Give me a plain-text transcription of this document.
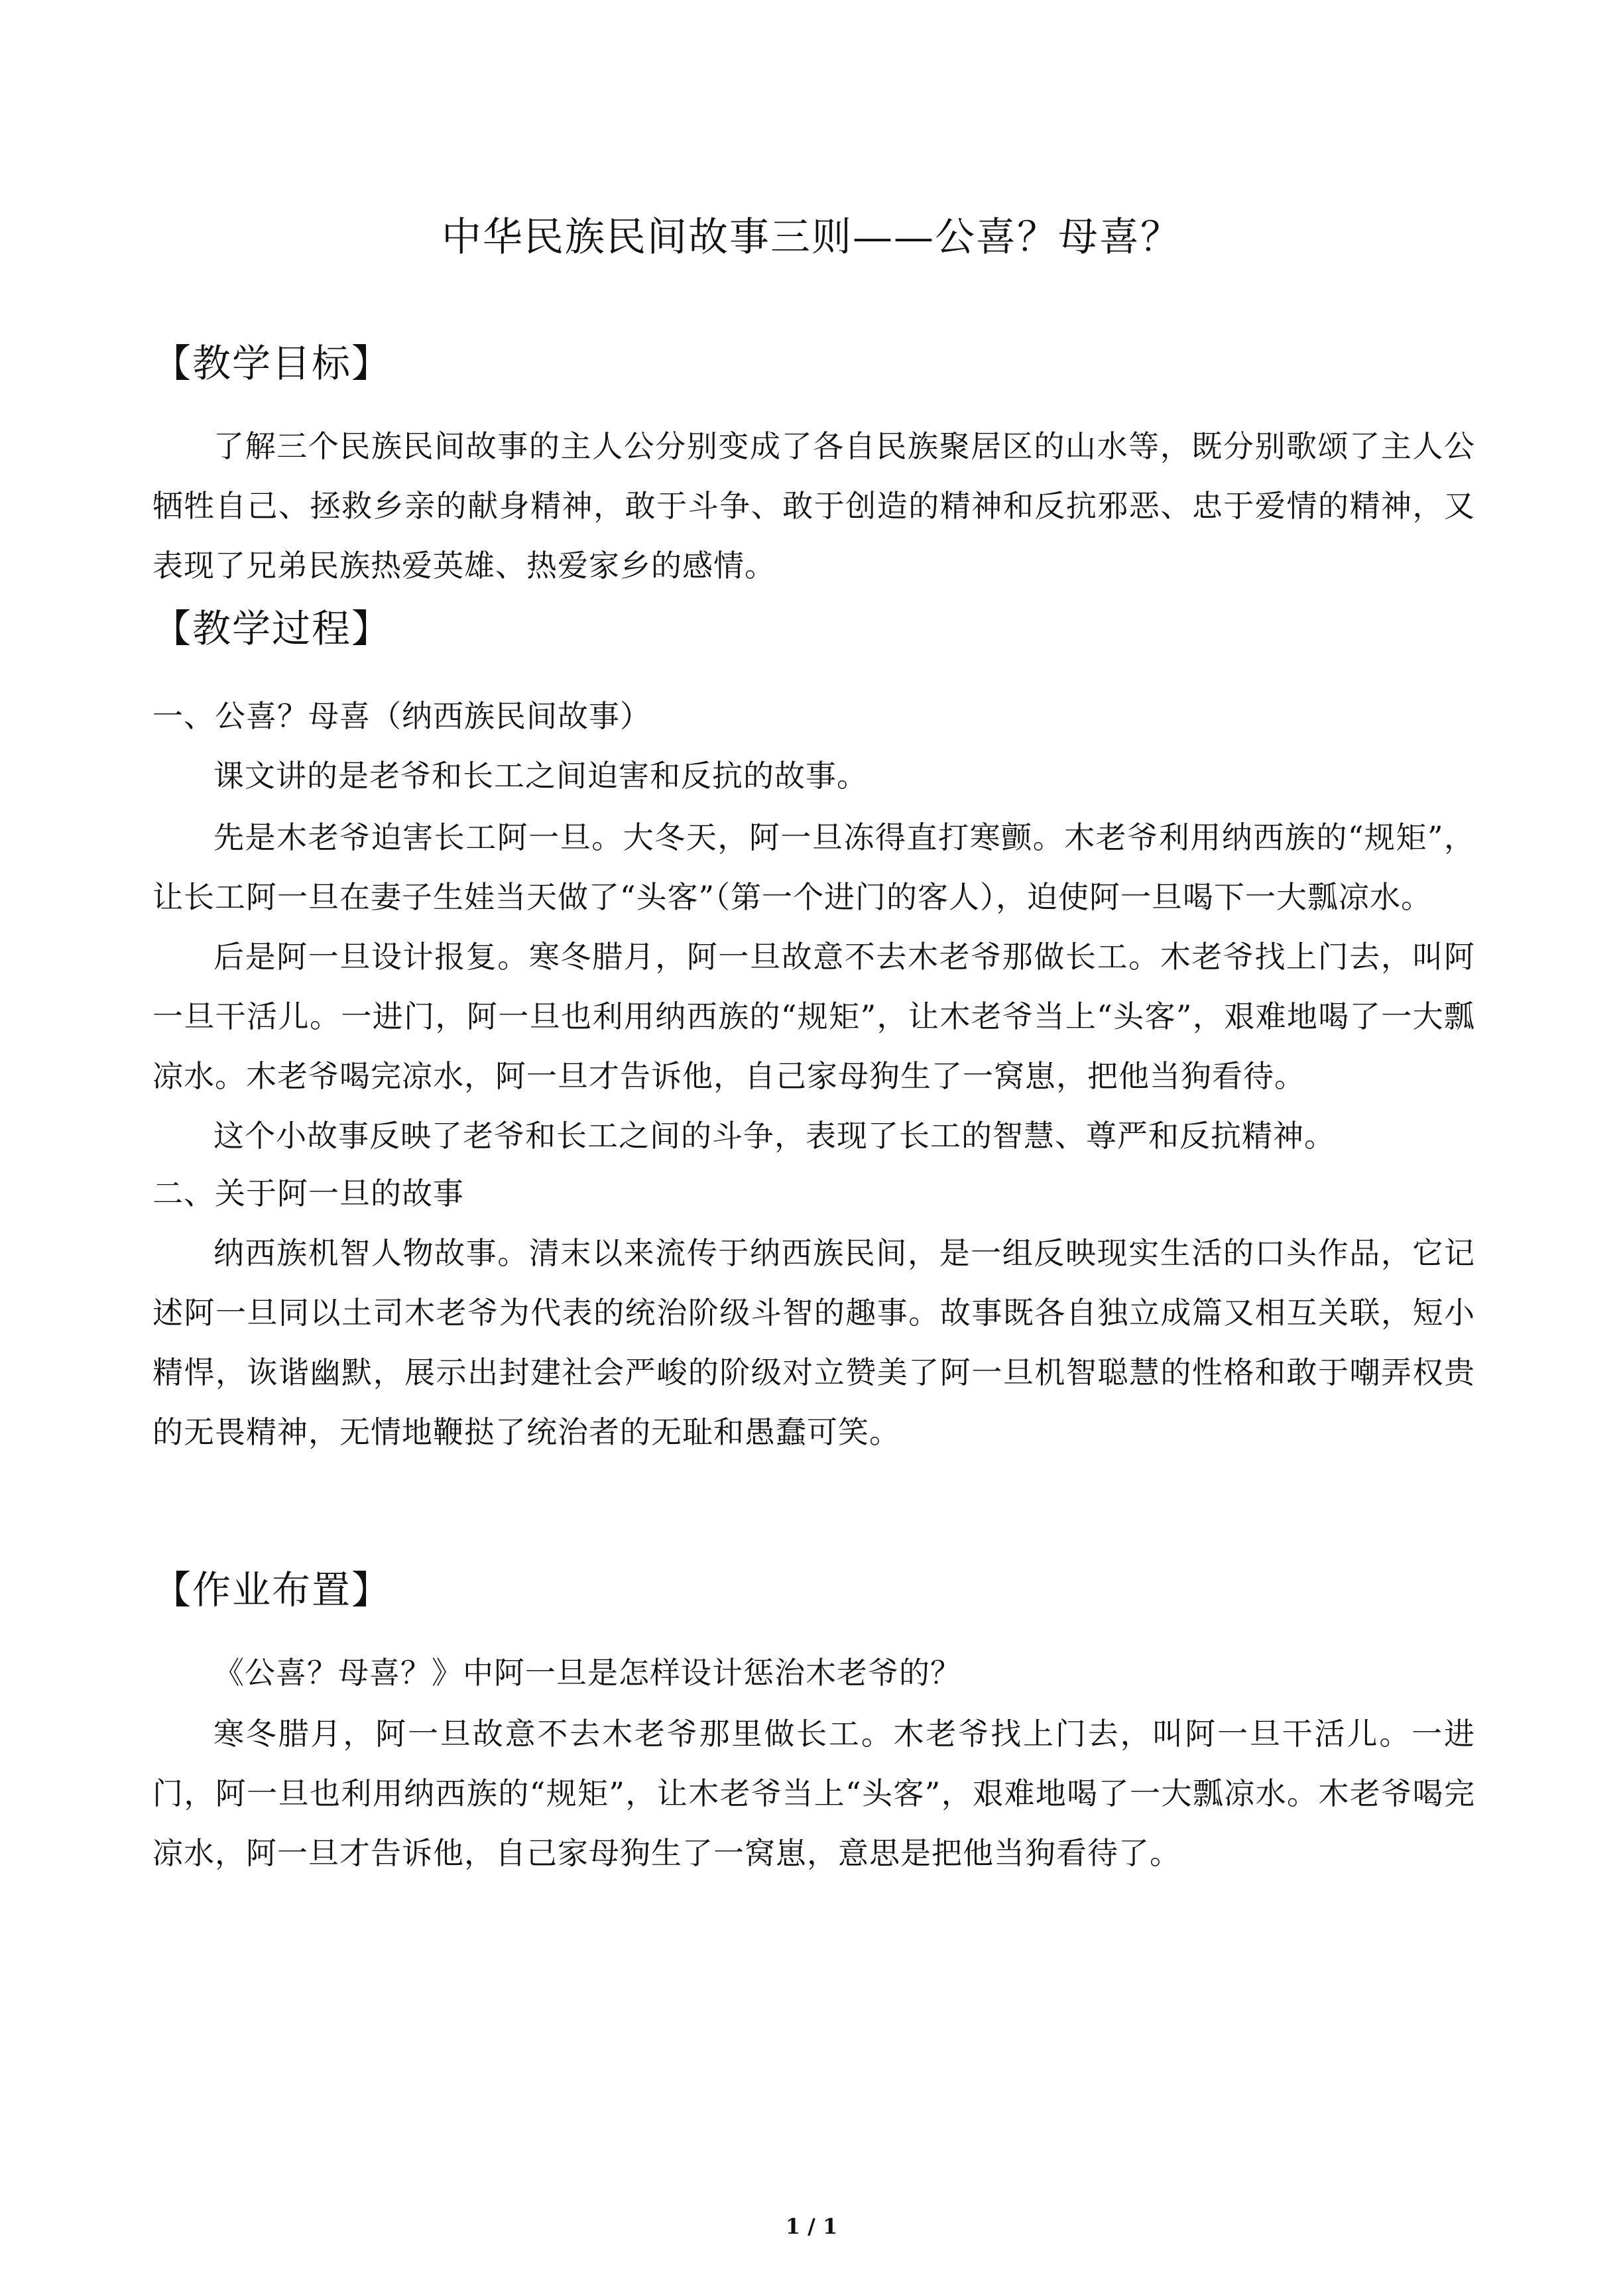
中华民族民间故事三则——公喜？母喜？
【教学目标】
了解三个民族民间故事的主人公分别变成了各自民族聚居区的山水等，既分别歌颂了主人公牺牲自己、拯救乡亲的献身精神，敢于斗争、敢于创造的精神和反抗邪恶、忠于爱情的精神，又表现了兄弟民族热爱英雄、热爱家乡的感情。
【教学过程】
一、公喜？母喜（纳西族民间故事）
课文讲的是老爷和长工之间迫害和反抗的故事。
先是木老爷迫害长工阿一旦。大冬天，阿一旦冻得直打寒颤。木老爷利用纳西族的“规矩”，让长工阿一旦在妻子生娃当天做了“头客”（第一个进门的客人），迫使阿一旦喝下一大瓢凉水。
后是阿一旦设计报复。寒冬腊月，阿一旦故意不去木老爷那做长工。木老爷找上门去，叫阿一旦干活儿。一进门，阿一旦也利用纳西族的“规矩”，让木老爷当上“头客”，艰难地喝了一大瓢凉水。木老爷喝完凉水，阿一旦才告诉他，自己家母狗生了一窝崽，把他当狗看待。
这个小故事反映了老爷和长工之间的斗争，表现了长工的智慧、尊严和反抗精神。
二、关于阿一旦的故事
纳西族机智人物故事。清末以来流传于纳西族民间，是一组反映现实生活的口头作品，它记述阿一旦同以土司木老爷为代表的统治阶级斗智的趣事。故事既各自独立成篇又相互关联，短小精悍，诙谐幽默，展示出封建社会严峻的阶级对立赞美了阿一旦机智聪慧的性格和敢于嘲弄权贵的无畏精神，无情地鞭挞了统治者的无耻和愚蠢可笑。
【作业布置】
《公喜？母喜？》中阿一旦是怎样设计惩治木老爷的？
寒冬腊月，阿一旦故意不去木老爷那里做长工。木老爷找上门去，叫阿一旦干活儿。一进门，阿一旦也利用纳西族的“规矩”，让木老爷当上“头客”，艰难地喝了一大瓢凉水。木老爷喝完凉水，阿一旦才告诉他，自己家母狗生了一窝崽，意思是把他当狗看待了。
1 / 1
